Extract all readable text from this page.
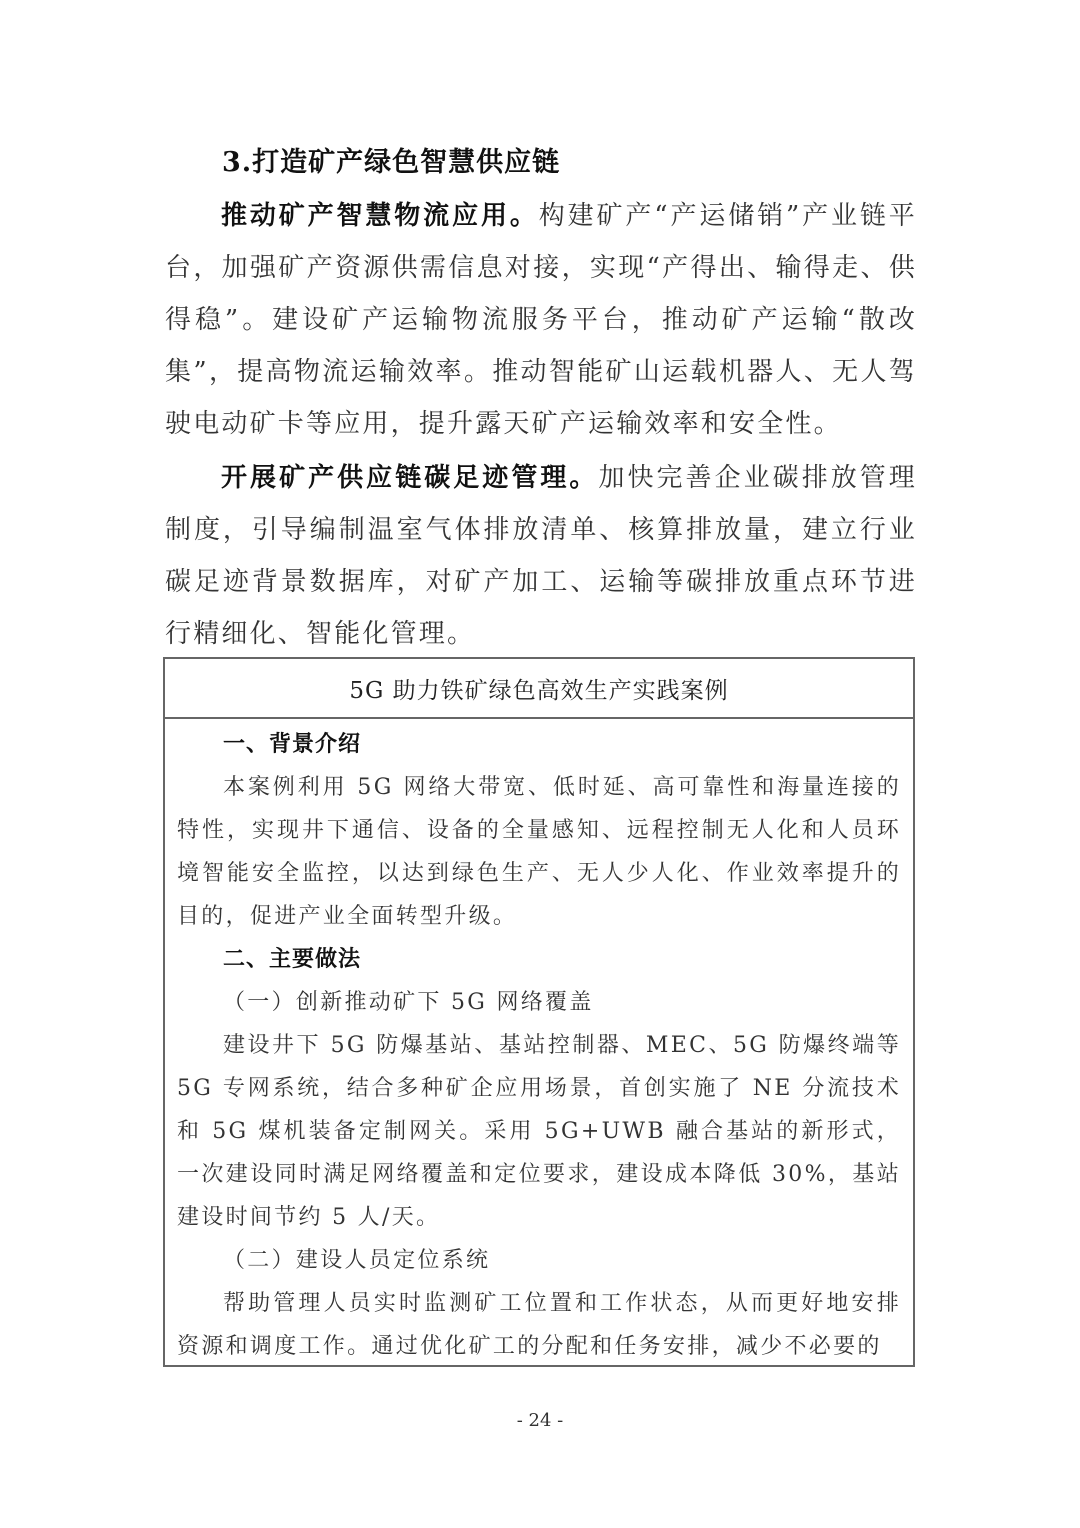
3.打造矿产绿色智慧供应链
推动矿产智慧物流应用。构建矿产“产运储销”产业链平台，加强矿产资源供需信息对接，实现“产得出、输得走、供得稳”。建设矿产运输物流服务平台，推动矿产运输“散改集”，提高物流运输效率。推动智能矿山运载机器人、无人驾驶电动矿卡等应用，提升露天矿产运输效率和安全性。
开展矿产供应链碳足迹管理。加快完善企业碳排放管理制度，引导编制温室气体排放清单、核算排放量，建立行业碳足迹背景数据库，对矿产加工、运输等碳排放重点环节进行精细化、智能化管理。
5G 助力铁矿绿色高效生产实践案例
一、背景介绍
本案例利用 5G 网络大带宽、低时延、高可靠性和海量连接的特性，实现井下通信、设备的全量感知、远程控制无人化和人员环境智能安全监控，以达到绿色生产、无人少人化、作业效率提升的目的，促进产业全面转型升级。
二、主要做法
（一）创新推动矿下 5G 网络覆盖
建设井下 5G 防爆基站、基站控制器、MEC、5G 防爆终端等 5G 专网系统，结合多种矿企应用场景，首创实施了 NE 分流技术和 5G 煤机装备定制网关。采用 5G+UWB 融合基站的新形式，一次建设同时满足网络覆盖和定位要求，建设成本降低 30%，基站建设时间节约 5 人/天。
（二）建设人员定位系统
帮助管理人员实时监测矿工位置和工作状态，从而更好地安排资源和调度工作。通过优化矿工的分配和任务安排，减少不必要的
- 24 -
